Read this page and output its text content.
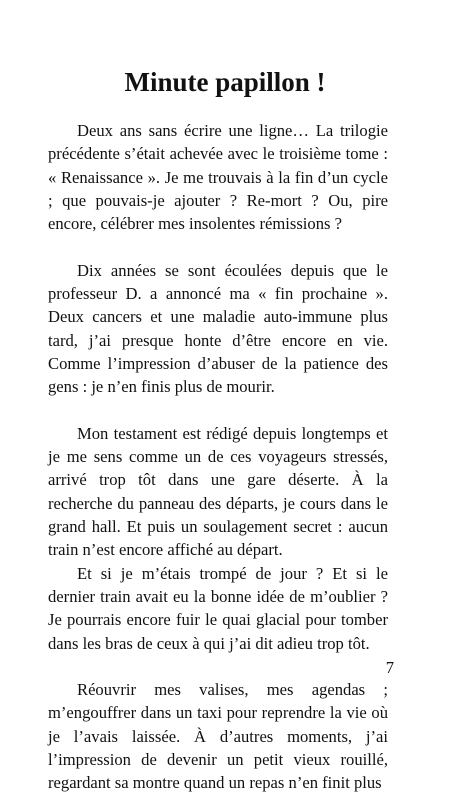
Minute papillon !

Deux ans sans écrire une ligne… La trilogie précédente s’était achevée avec le troisième tome : « Renaissance ». Je me trouvais à la fin d’un cycle ; que pouvais-je ajouter ? Re-mort ? Ou, pire encore, célébrer mes insolentes rémissions ?

Dix années se sont écoulées depuis que le professeur D. a annoncé ma « fin prochaine ». Deux cancers et une maladie auto-immune plus tard, j’ai presque honte d’être encore en vie. Comme l’impression d’abuser de la patience des gens : je n’en finis plus de mourir.

Mon testament est rédigé depuis longtemps et je me sens comme un de ces voyageurs stressés, arrivé trop tôt dans une gare déserte. À la recherche du panneau des départs, je cours dans le grand hall. Et puis un soulagement secret : aucun train n’est encore affiché au départ.

Et si je m’étais trompé de jour ? Et si le dernier train avait eu la bonne idée de m’oublier ? Je pourrais encore fuir le quai glacial pour tomber dans les bras de ceux à qui j’ai dit adieu trop tôt.

Réouvrir mes valises, mes agendas ; m’engouffrer dans un taxi pour reprendre la vie où je l’avais laissée. À d’autres moments, j’ai l’impression de devenir un petit vieux rouillé, regardant sa montre quand un repas n’en finit plus

7
